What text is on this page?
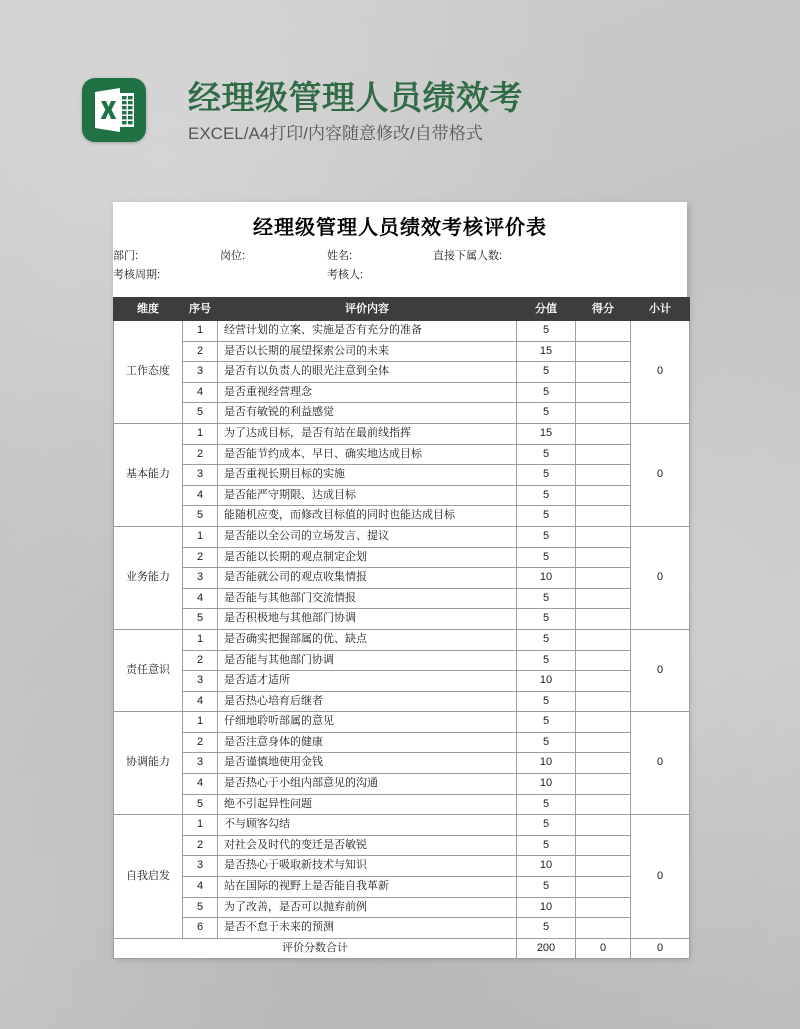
经理级管理人员绩效考
EXCEL/A4打印/内容随意修改/自带格式
经理级管理人员绩效考核评价表
部门:	岗位:	姓名:	直接下属人数:
考核周期:	考核人:
维度	序号	评价内容	分值	得分	小计
工作态度	1	经营计划的立案、实施是否有充分的准备	5		0
	2	是否以长期的展望探索公司的未来	15		
	3	是否有以负责人的眼光注意到全体	5		
	4	是否重视经营理念	5		
	5	是否有敏锐的利益感觉	5		
基本能力	1	为了达成目标，是否有站在最前线指挥	15		0
	2	是否能节约成本、早日、确实地达成目标	5		
	3	是否重视长期目标的实施	5		
	4	是否能严守期限、达成目标	5		
	5	能随机应变，而修改目标值的同时也能达成目标	5		
业务能力	1	是否能以全公司的立场发言、提议	5		0
	2	是否能以长期的观点制定企划	5		
	3	是否能就公司的观点收集情报	10		
	4	是否能与其他部门交流情报	5		
	5	是否积极地与其他部门协调	5		
责任意识	1	是否确实把握部属的优、缺点	5		0
	2	是否能与其他部门协调	5		
	3	是否适才适所	10		
	4	是否热心培育后继者	5		
协调能力	1	仔细地聆听部属的意见	5		0
	2	是否注意身体的健康	5		
	3	是否谨慎地使用金钱	10		
	4	是否热心于小组内部意见的沟通	10		
	5	绝不引起异性问题	5		
自我启发	1	不与顾客勾结	5		0
	2	对社会及时代的变迁是否敏锐	5		
	3	是否热心于吸取新技术与知识	10		
	4	站在国际的视野上是否能自我革新	5		
	5	为了改善，是否可以抛弃前例	10		
	6	是否不怠于未来的预测	5		
评价分数合计			200	0	0
